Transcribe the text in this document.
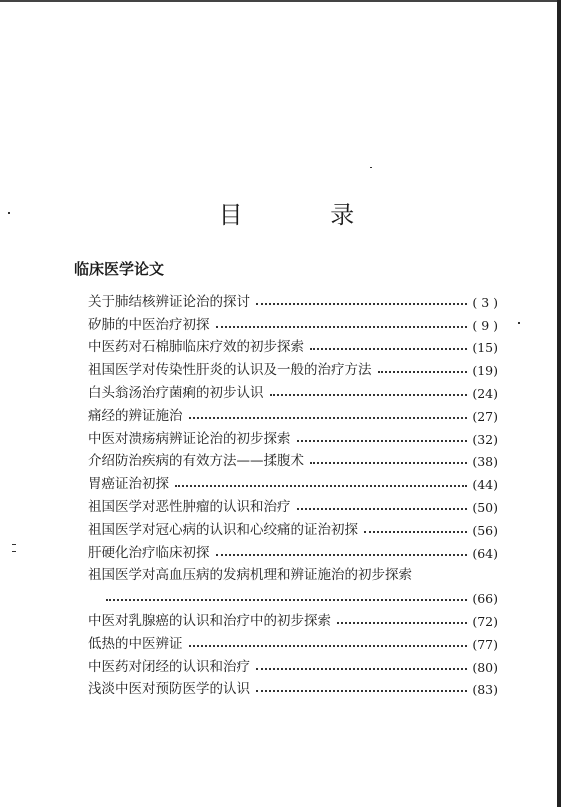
目 录
临床医学论文
关于肺结核辨证论治的探讨	( 3 )
矽肺的中医治疗初探	( 9 )
中医药对石棉肺临床疗效的初步探索	(15)
祖国医学对传染性肝炎的认识及一般的治疗方法	(19)
白头翁汤治疗菌痢的初步认识	(24)
痛经的辨证施治	(27)
中医对溃疡病辨证论治的初步探索	(32)
介绍防治疾病的有效方法——揉腹术	(38)
胃癌证治初探	(44)
祖国医学对恶性肿瘤的认识和治疗	(50)
祖国医学对冠心病的认识和心绞痛的证治初探	(56)
肝硬化治疗临床初探	(64)
祖国医学对高血压病的发病机理和辨证施治的初步探索
(66)
中医对乳腺癌的认识和治疗中的初步探索	(72)
低热的中医辨证	(77)
中医药对闭经的认识和治疗	(80)
浅淡中医对预防医学的认识	(83)
